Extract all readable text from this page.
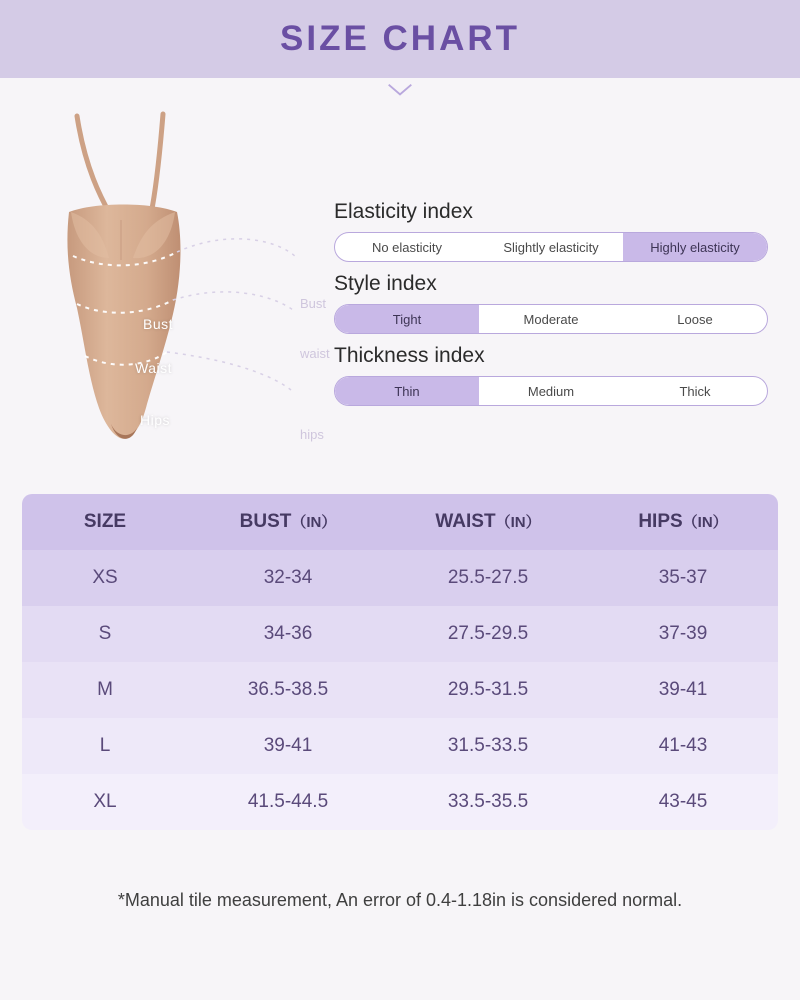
SIZE CHART
﹀
Bust
Waist
Hips
Bust
waist
hips
Elasticity index
No elasticity	Slightly elasticity	Highly elasticity
Style index
Tight	Moderate	Loose
Thickness index
Thin	Medium	Thick
SIZE	BUST（IN）	WAIST（IN）	HIPS（IN）
XS	32-34	25.5-27.5	35-37
S	34-36	27.5-29.5	37-39
M	36.5-38.5	29.5-31.5	39-41
L	39-41	31.5-33.5	41-43
XL	41.5-44.5	33.5-35.5	43-45
*Manual tile measurement, An error of 0.4-1.18in is considered normal.
